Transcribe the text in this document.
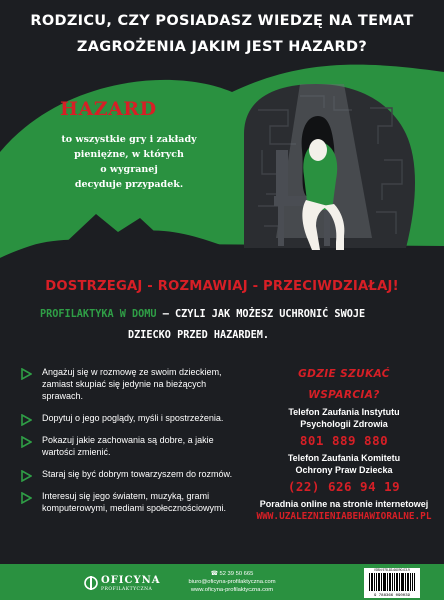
RODZICU, CZY POSIADASZ WIEDZĘ NA TEMAT
ZAGROŻENIA JAKIM JEST HAZARD?
HAZARD
to wszystkie gry i zakłady
pieniężne, w których
o wygranej
decyduje przypadek.
DOSTRZEGAJ - ROZMAWIAJ - PRZECIWDZIAŁAJ!
PROFILAKTYKA W DOMU – CZYLI JAK MOŻESZ UCHRONIĆ SWOJE
DZIECKO PRZED HAZARDEM.
Angażuj się w rozmowę ze swoim dzieckiem, zamiast skupiać się jedynie na bieżących sprawach.
Dopytuj o jego poglądy, myśli i spostrzeżenia.
Pokazuj jakie zachowania są dobre, a jakie wartości zmienić.
Staraj się być dobrym towarzyszem do rozmów.
Interesuj się jego światem, muzyką, grami komputerowymi, mediami społecznościowymi.
GDZIE SZUKAĆ
WSPARCIA?
Telefon Zaufania Instytutu
Psychologii Zdrowia
801 889 880
Telefon Zaufania Komitetu
Ochrony Praw Dziecka
(22) 626 94 19
Poradnia online na stronie internetowej
WWW.UZALEZNIENIABEHAWIORALNE.PL
OFICYNA
PROFILAKTYCZNA
☎ 52 39 50 665
biuro@oficyna-profilaktyczna.com
www.oficyna-profilaktyczna.com
ISBN 978-83-66090-03-9
9 788366 090039
